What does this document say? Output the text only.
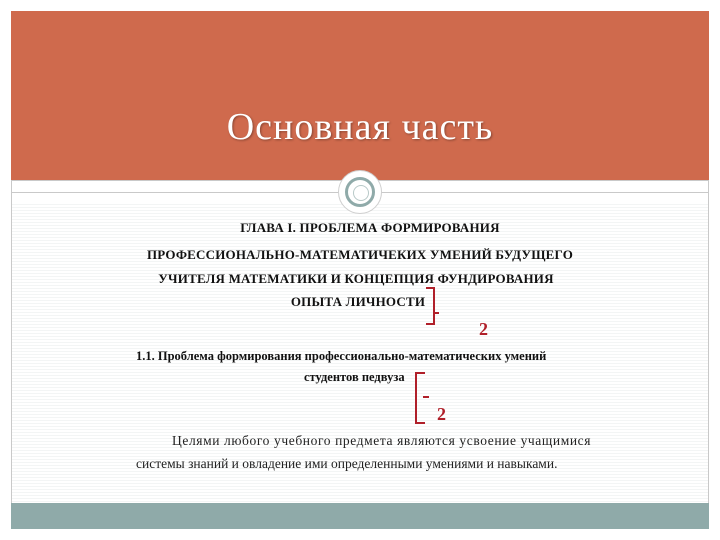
Основная часть
ГЛАВА I. ПРОБЛЕМА ФОРМИРОВАНИЯ
ПРОФЕССИОНАЛЬНО-МАТЕМАТИЧЕКИХ УМЕНИЙ БУДУЩЕГО
УЧИТЕЛЯ МАТЕМАТИКИ И КОНЦЕПЦИЯ ФУНДИРОВАНИЯ
ОПЫТА ЛИЧНОСТИ
1.1. Проблема формирования профессионально-математических умений
студентов педвуза
Целями любого учебного предмета являются усвоение учащимися
системы знаний и овладение ими определенными умениями и навыками.
2
2
